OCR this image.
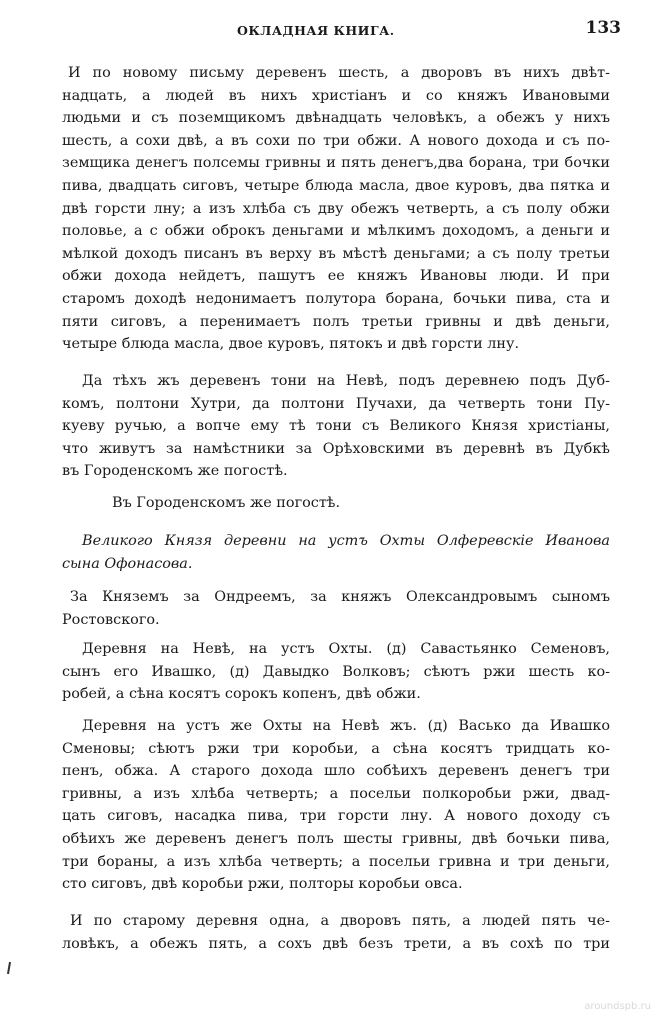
ОКЛАДНАЯ КНИГА.	133
И по новому письму деревенъ шесть, а дворовъ въ нихъ двѣт-
надцать, а людей въ нихъ христіанъ и со княжъ Ивановыми
людьми и съ поземщикомъ двѣнадцать человѣкъ, а обежъ у нихъ
шесть, а сохи двѣ, а въ сохи по три обжи. А нового дохода и съ по-
земщика денегъ полсемы гривны и пять денегъ,два борана, три бочки
пива, двадцать сиговъ, четыре блюда масла, двое куровъ, два пятка и
двѣ горсти лну; а изъ хлѣба съ дву обежъ четверть, а съ полу обжи
половье, а с обжи оброкъ деньгами и мѣлкимъ доходомъ, а деньги и
мѣлкой доходъ писанъ въ верху въ мѣстѣ деньгами; а съ полу третьи
обжи дохода нейдетъ, пашутъ ее княжъ Ивановы люди. И при
старомъ доходѣ недонимаетъ полутора борана, бочьки пива, ста и
пяти сиговъ, а перенимаетъ полъ третьи гривны и двѣ деньги,
четыре блюда масла, двое куровъ, пятокъ и двѣ горсти лну.
Да тѣхъ жъ деревенъ тони на Невѣ, подъ деревнею подъ Дуб-
комъ, полтони Хутри, да полтони Пучахи, да четверть тони Пу-
куеву ручью, а вопче ему тѣ тони съ Великого Князя христіаны,
что живутъ за намѣстники за Орѣховскими въ деревнѣ въ Дубкѣ
въ Городенскомъ же погостѣ.
Въ Городенскомъ же погостѣ.
Великого Князя деревни на устъ Охты Олферевскіе Иванова
сына Офонасова.
За Княземъ за Ондреемъ, за княжъ Олександровымъ сыномъ
Ростовского.
Деревня на Невѣ, на устъ Охты. (д) Савастьянко Семеновъ,
сынъ его Ивашко, (д) Давыдко Волковъ; сѣютъ ржи шесть ко-
робей, а сѣна косятъ сорокъ копенъ, двѣ обжи.
Деревня на устъ же Охты на Невѣ жъ. (д) Васько да Ивашко
Сменовы; сѣютъ ржи три коробьи, а сѣна косятъ тридцать ко-
пенъ, обжа. А старого дохода шло собѣихъ деревенъ денегъ три
гривны, а изъ хлѣба четверть; а посельи полкоробьи ржи, двад-
цать сиговъ, насадка пива, три горсти лну. А нового доходу съ
обѣихъ же деревенъ денегъ полъ шесты гривны, двѣ бочьки пива,
три бораны, а изъ хлѣба четверть; а посельи гривна и три деньги,
сто сиговъ, двѣ коробьи ржи, полторы коробьи овса.
И по старому деревня одна, а дворовъ пять, а людей пять че-
ловѣкъ, а обежъ пять, а сохъ двѣ безъ трети, а въ сохѣ по три
aroundspb.ru
